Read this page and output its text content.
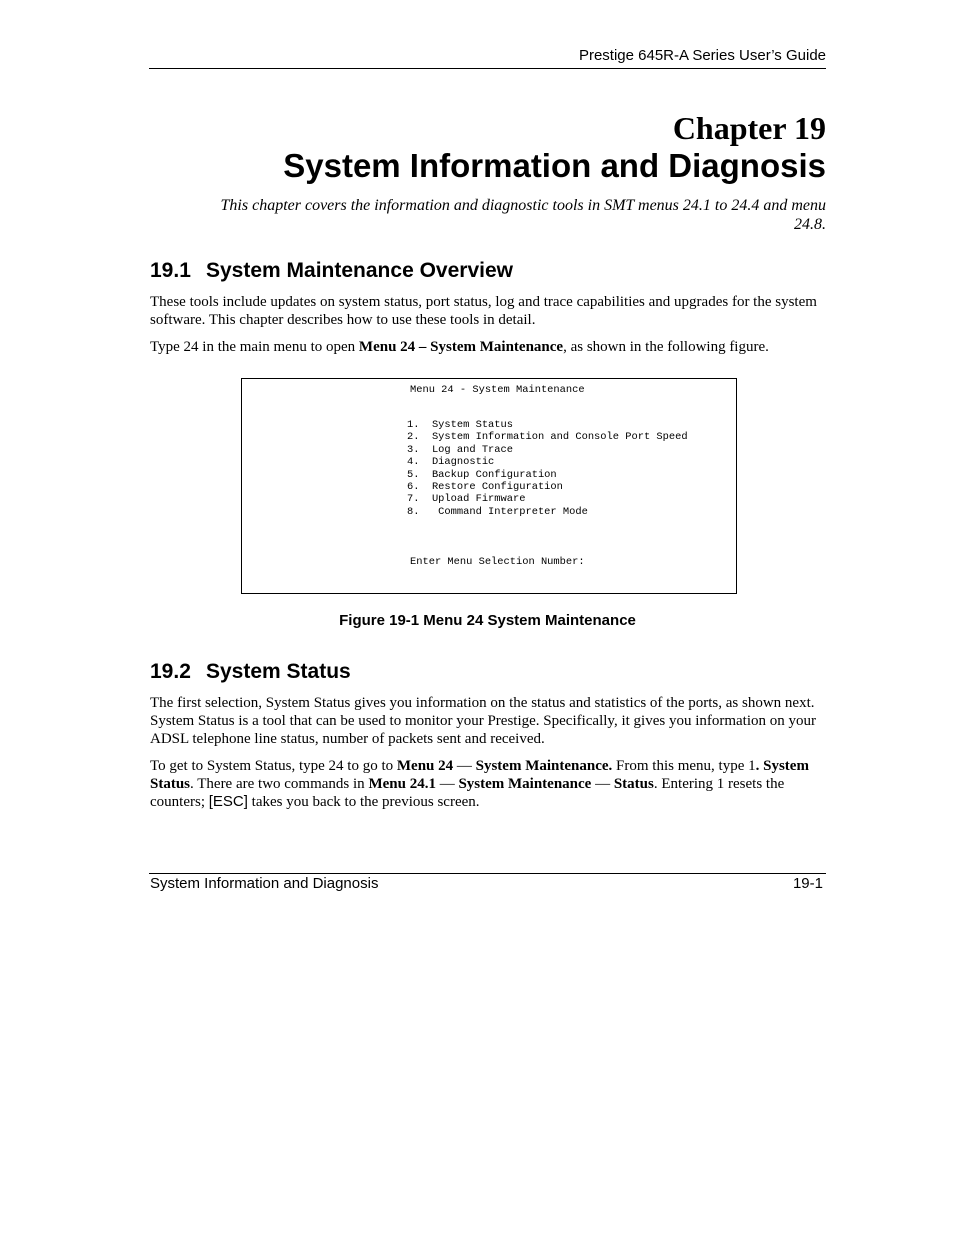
Prestige 645R-A Series User’s Guide
Chapter 19
System Information and Diagnosis
This chapter covers the information and diagnostic tools in SMT menus 24.1 to 24.4 and menu
24.8.
19.1 System Maintenance Overview
These tools include updates on system status, port status, log and trace capabilities and upgrades for the system software. This chapter describes how to use these tools in detail.
Type 24 in the main menu to open Menu 24 – System Maintenance, as shown in the following figure.
Menu 24 - System Maintenance
1.  System Status
2.  System Information and Console Port Speed
3.  Log and Trace
4.  Diagnostic
5.  Backup Configuration
6.  Restore Configuration
7.  Upload Firmware
8.   Command Interpreter Mode
Enter Menu Selection Number:
Figure 19-1 Menu 24 System Maintenance
19.2 System Status
The first selection, System Status gives you information on the status and statistics of the ports, as shown next. System Status is a tool that can be used to monitor your Prestige. Specifically, it gives you information on your ADSL telephone line status, number of packets sent and received.
To get to System Status, type 24 to go to Menu 24 — System Maintenance. From this menu, type 1. System Status. There are two commands in Menu 24.1 — System Maintenance — Status. Entering 1 resets the counters; [ESC] takes you back to the previous screen.
System Information and Diagnosis	19-1
